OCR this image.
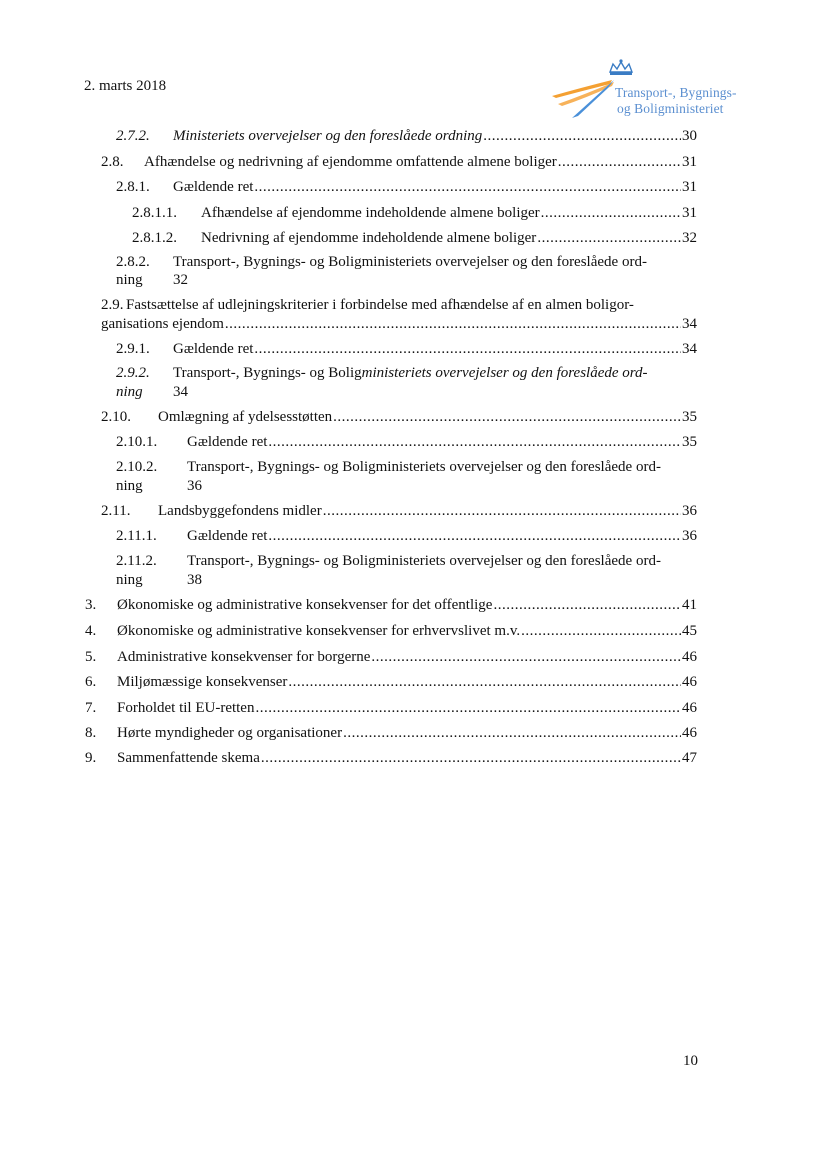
2. marts 2018	Transport-, Bygnings-
og Boligministeriet
2.7.2.	Ministeriets overvejelser og den foreslåede ordning .....	30
2.8.	Afhændelse og nedrivning af ejendomme omfattende almene boliger .....	31
2.8.1.	Gældende ret .....	31
2.8.1.1.	Afhændelse af ejendomme indeholdende almene boliger .....	31
2.8.1.2.	Nedrivning af ejendomme indeholdende almene boliger .....	32
2.8.2. Transport-, Bygnings- og Boligministeriets overvejelser og den foreslåede ord-
ning 32
2.9. Fastsættelse af udlejningskriterier i forbindelse med afhændelse af en almen boligor-
ganisations ejendom .....	34
2.9.1.	Gældende ret .....	34
2.9.2. Transport-, Bygnings- og Boligministeriets overvejelser og den foreslåede ord-
ning 34
2.10.	Omlægning af ydelsesstøtten .....	35
2.10.1.	Gældende ret .....	35
2.10.2. Transport-, Bygnings- og Boligministeriets overvejelser og den foreslåede ord-
ning	36
2.11.	Landsbyggefondens midler .....	36
2.11.1.	Gældende ret .....	36
2.11.2. Transport-, Bygnings- og Boligministeriets overvejelser og den foreslåede ord-
ning	38
3.	Økonomiske og administrative konsekvenser for det offentlige .....	41
4.	Økonomiske og administrative konsekvenser for erhvervslivet m.v. .....	45
5.	Administrative konsekvenser for borgerne .....	46
6.	Miljømæssige konsekvenser .....	46
7.	Forholdet til EU-retten .....	46
8.	Hørte myndigheder og organisationer .....	46
9.	Sammenfattende skema .....	47
10
